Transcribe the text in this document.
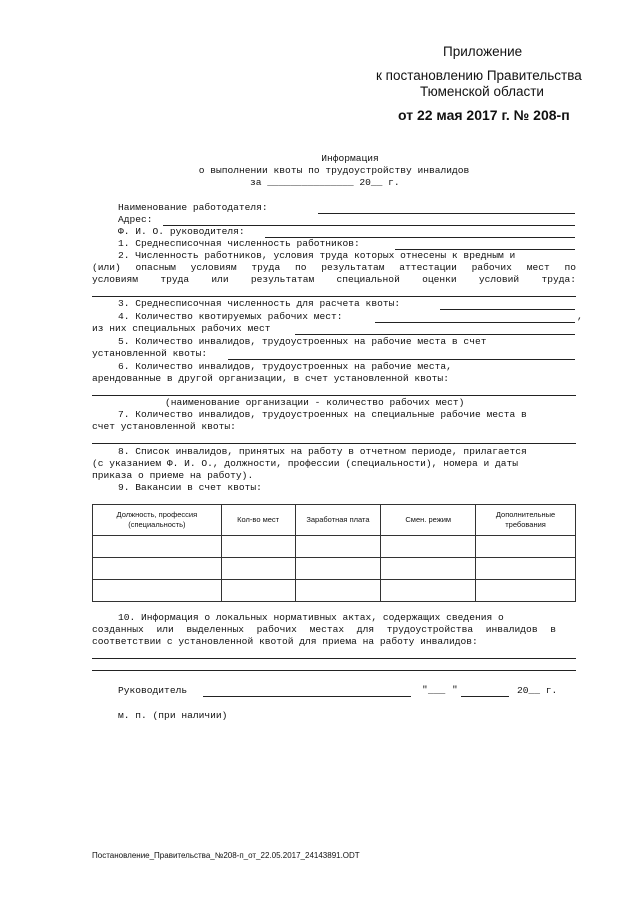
Приложение
к постановлению Правительства
Тюменской области
от 22 мая 2017 г. № 208-п
Информация
о выполнении квоты по трудоустройству инвалидов
за _______________ 20__ г.
Наименование работодателя:
Адрес:
Ф. И. О. руководителя:
1. Среднесписочная численность работников:
2. Численность работников, условия труда которых отнесены к вредным и
(или) опасным условиям труда по результатам аттестации рабочих мест по
условиям труда или результатам специальной оценки условий труда:
3. Среднесписочная численность для расчета квоты:
4. Количество квотируемых рабочих мест:	,
из них специальных рабочих мест
5. Количество инвалидов, трудоустроенных на рабочие места в счет
установленной квоты:
6. Количество инвалидов, трудоустроенных на рабочие места,
арендованные в другой организации, в счет установленной квоты:
(наименование организации - количество рабочих мест)
7. Количество инвалидов, трудоустроенных на специальные рабочие места в
счет установленной квоты:
8. Список инвалидов, принятых на работу в отчетном периоде, прилагается
(с указанием Ф. И. О., должности, профессии (специальности), номера и даты
приказа о приеме на работу).
9. Вакансии в счет квоты:
Должность, профессия
(специальность)	Кол-во мест	Заработная плата	Смен. режим	Дополнительные
требования

10. Информация о локальных нормативных актах, содержащих сведения о
созданных или выделенных рабочих местах для трудоустройства инвалидов в
соответствии с установленной квотой для приема на работу инвалидов:
Руководитель	" ___ "	20__ г.
м. п. (при наличии)
Постановление_Правительства_№208-п_от_22.05.2017_24143891.ODT
